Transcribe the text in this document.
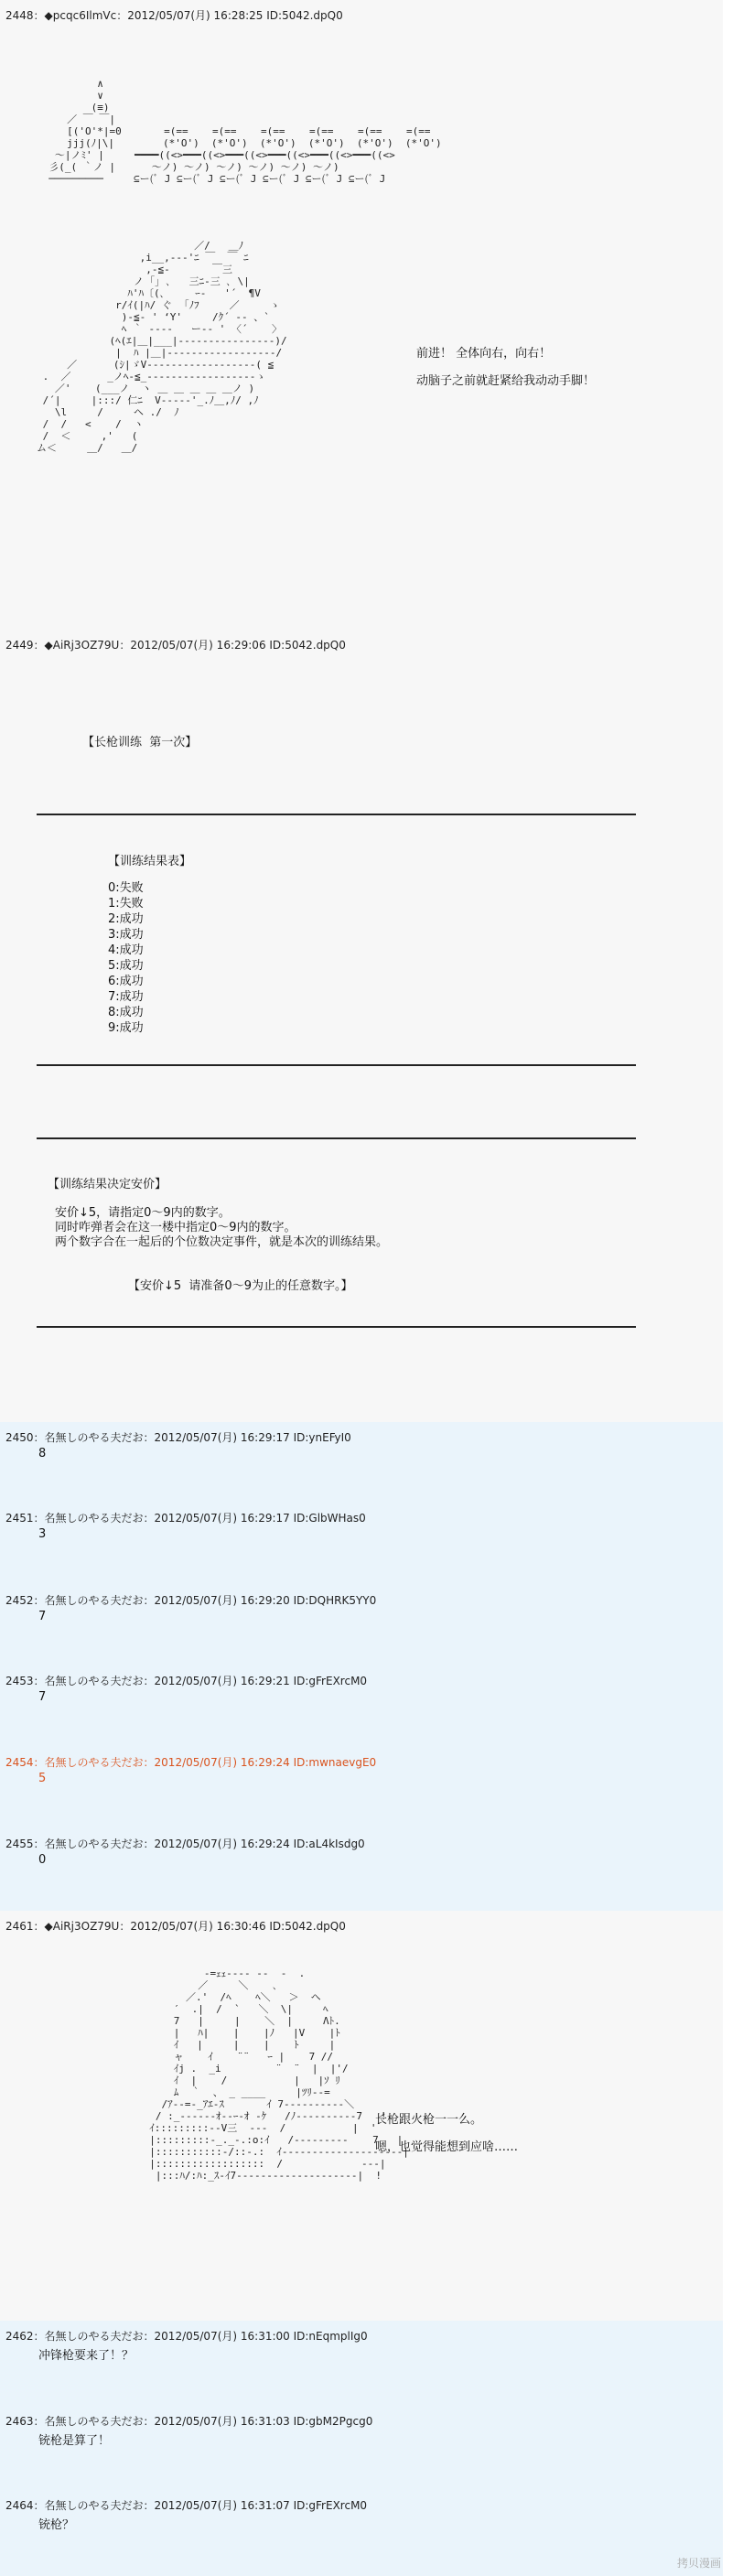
2448：◆pcqc6IlmVc：2012/05/07(月) 16:28:25 ID:5042.dpQ0
∧
∨
(≡)
／ ￣ ￣|
[('O'*|=0       =(==    =(==    =(==    =(==    =(==    =(==
jjj(ﾉ|\|        (*'O')  (*'O')  (*'O')  (*'O')  (*'O')  (*'O')
～|ノﾐ' |     ━━━━((<>━━━((<>━━━((<>━━━((<>━━━((<>━━━((<>
彡(_( ｀ノ |      ～ノ) ～ノ) ～ノ) ～ノ) ～ノ) ～ノ)
─────────     ⊆ー(ﾞ J ⊆ー(ﾞ J ⊆ー(ﾞ J ⊆ー(ﾞ J ⊆ー(ﾞ J ⊆ー(ﾞ J
／/   ＿ﾉ
,i__,-‐‐'ﾆ ￣  ￣ ﾆ
,-≦‐       ￣三
ノ ｢｣ ､   三ﾆ-三 ､ \|
ﾊ'ﾊ〔(､     ｰ-   '´  ¶V
r/ｲ(|ﾊ/ ぐ  ｢ﾉﾌ     ／     ゝ
)-≦‐ ' ‘Y'     /ｸ´ ‐‐ 、`
ﾍ ｀ -‐‐‐   ー‐‐ ' 〈´    〉
(ﾍ(ｴ|＿|___|‐‐‐‐‐‐‐‐‐‐‐‐‐‐‐‐)/
|  ﾊ |＿|‐‐‐‐‐‐‐‐‐‐‐‐‐‐‐‐‐‐/
／      (ｼ|ゞV‐‐‐‐‐‐‐‐‐‐‐‐‐‐‐‐‐‐( ≦
.  ／      _ノﾍ-≦_‐‐‐‐‐‐‐‐‐‐‐‐‐‐‐‐‐‐ゝ
／'    (___ノ  ヽ ＿ ＿ ＿ ＿ ＿ノ )
/´|     |:::/ 仁ﾆ  V‐‐‐‐‐'_.ﾉ＿,ﾉ/ ,ﾉ
\l     /     ヘ ./  ﾉ
/  /   <    /  ヽ
/  ＜     ,'   (
ム＜     ＿/   ＿/
前进！ 全体向右，向右！
动脑子之前就赶紧给我动动手脚！
2449：◆AiRj3OZ79U：2012/05/07(月) 16:29:06 ID:5042.dpQ0
【长枪训练  第一次】
【训练结果表】
0:失败
1:失败
2:成功
3:成功
4:成功
5:成功
6:成功
7:成功
8:成功
9:成功
【训练结果决定安价】
安价↓5，请指定0～9内的数字。
同时咋弹者会在这一楼中指定0～9内的数字。
两个数字合在一起后的个位数决定事件，就是本次的训练结果。
【安价↓5  请准备0～9为止的任意数字。】
2450：名無しのやる夫だお：2012/05/07(月) 16:29:17 ID:ynEFyI0
8
2451：名無しのやる夫だお：2012/05/07(月) 16:29:17 ID:GlbWHas0
3
2452：名無しのやる夫だお：2012/05/07(月) 16:29:20 ID:DQHRK5YY0
7
2453：名無しのやる夫だお：2012/05/07(月) 16:29:21 ID:gFrEXrcM0
7
2454：名無しのやる夫だお：2012/05/07(月) 16:29:24 ID:mwnaevgE0
5
2455：名無しのやる夫だお：2012/05/07(月) 16:29:24 ID:aL4kIsdg0
0
2461：◆AiRj3OZ79U：2012/05/07(月) 16:30:46 ID:5042.dpQ0
-=ｪｪ‐‐‐‐ ‐‐  -  .
／     ＼    ､
／.'  /ﾍ    ﾍ＼   ＞  ヘ
′  .|  /  `   ＼  \|     ﾍ
7   |     |    ＼  |     Λﾄ.
|   ﾊ|    |    |ﾉ   |V    |ﾄ
ｲ   |     |    |    ﾄ     |
ャ    ｲ    ¨¨   ｰ |    7 //
ｲj .  _i         ¨  ¨  |  |'/
ｲ  |    /           |   |ｿ ﾘ
ﾑ  ｀  、 _ ____     |ﾂﾘ‐‐=
/ｱ‐‐=-_ｱｴ-ｽ       ｲ 7‐‐‐‐‐‐‐‐‐‐＼
/ :_-‐-‐‐-ｵ-‐ｰ-ｵ -ｹ   /ﾉ‐‐‐‐‐‐‐‐‐‐7   !
ｲ:::::::::‐-V三  ‐‐‐  /           |  '
|:::::::::-_._-.:o:ｲ   /‐‐‐‐‐‐‐‐‐    7   |
|:::::::::::-/::-.:  ｲ‐‐‐‐‐‐‐‐‐‐‐‐‐‐‐‐‐‐‐‐|
|::::::::::::::::::  /             ‐‐‐|
|:::ﾊ/:ﾊ:_ｽ-ｲ7‐‐‐‐‐‐‐‐‐‐‐‐‐‐‐‐‐‐‐‐|  !
长枪跟火枪一一么。
嗯，也觉得能想到应啥……
2462：名無しのやる夫だお：2012/05/07(月) 16:31:00 ID:nEqmplIg0
冲锋枪要来了！？
2463：名無しのやる夫だお：2012/05/07(月) 16:31:03 ID:gbM2Pgcg0
铳枪是算了！
2464：名無しのやる夫だお：2012/05/07(月) 16:31:07 ID:gFrEXrcM0
铳枪？
拷贝漫画
